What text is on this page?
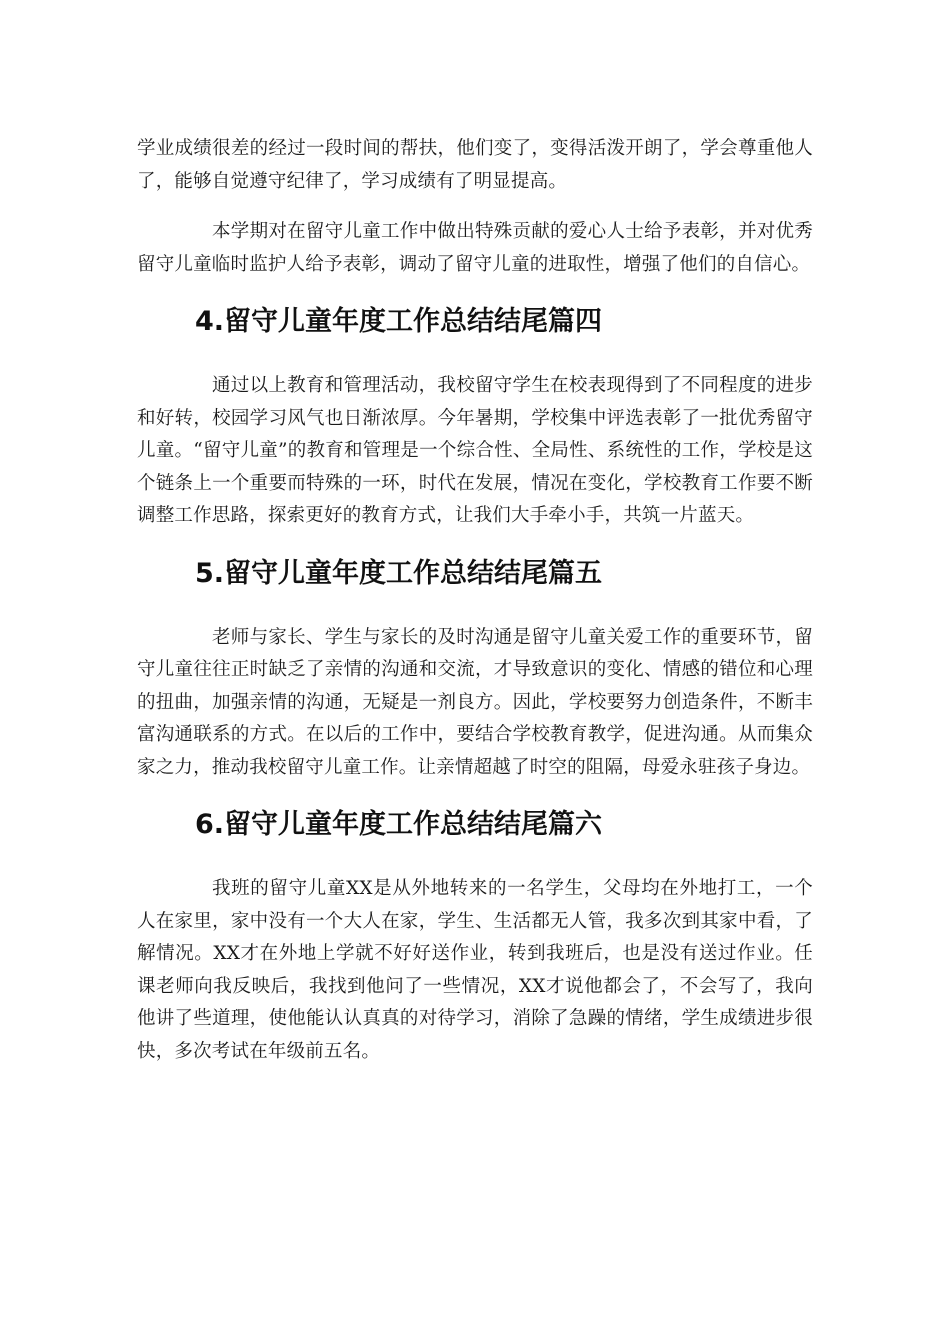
学业成绩很差的经过一段时间的帮扶，他们变了，变得活泼开朗了，学会尊重他人了，能够自觉遵守纪律了，学习成绩有了明显提高。

本学期对在留守儿童工作中做出特殊贡献的爱心人士给予表彰，并对优秀留守儿童临时监护人给予表彰，调动了留守儿童的进取性，增强了他们的自信心。

4.留守儿童年度工作总结结尾篇四

通过以上教育和管理活动，我校留守学生在校表现得到了不同程度的进步和好转，校园学习风气也日渐浓厚。今年暑期，学校集中评选表彰了一批优秀留守儿童。“留守儿童”的教育和管理是一个综合性、全局性、系统性的工作，学校是这个链条上一个重要而特殊的一环，时代在发展，情况在变化，学校教育工作要不断调整工作思路，探索更好的教育方式，让我们大手牵小手，共筑一片蓝天。

5.留守儿童年度工作总结结尾篇五

老师与家长、学生与家长的及时沟通是留守儿童关爱工作的重要环节，留守儿童往往正时缺乏了亲情的沟通和交流，才导致意识的变化、情感的错位和心理的扭曲，加强亲情的沟通，无疑是一剂良方。因此，学校要努力创造条件，不断丰富沟通联系的方式。在以后的工作中，要结合学校教育教学，促进沟通。从而集众家之力，推动我校留守儿童工作。让亲情超越了时空的阻隔，母爱永驻孩子身边。

6.留守儿童年度工作总结结尾篇六

我班的留守儿童XX是从外地转来的一名学生，父母均在外地打工，一个人在家里，家中没有一个大人在家，学生、生活都无人管，我多次到其家中看，了解情况。XX才在外地上学就不好好送作业，转到我班后，也是没有送过作业。任课老师向我反映后，我找到他问了一些情况，XX才说他都会了，不会写了，我向他讲了些道理，使他能认认真真的对待学习，消除了急躁的情绪，学生成绩进步很快，多次考试在年级前五名。
